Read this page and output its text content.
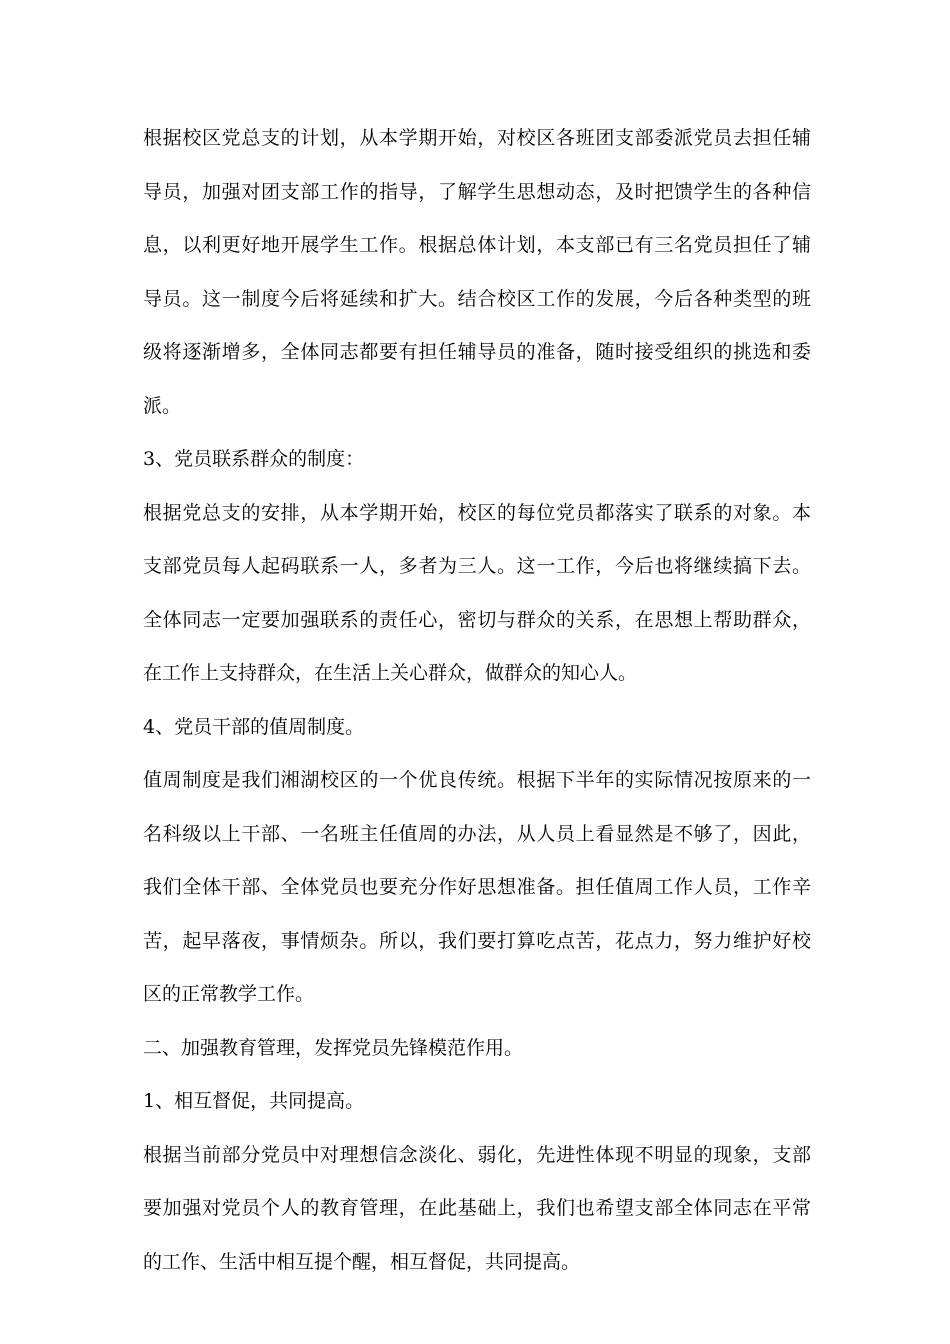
根据校区党总支的计划，从本学期开始，对校区各班团支部委派党员去担任辅
导员，加强对团支部工作的指导，了解学生思想动态，及时把馈学生的各种信
息，以利更好地开展学生工作。根据总体计划，本支部已有三名党员担任了辅
导员。这一制度今后将延续和扩大。结合校区工作的发展，今后各种类型的班
级将逐渐增多，全体同志都要有担任辅导员的准备，随时接受组织的挑选和委
派。
3、党员联系群众的制度：
根据党总支的安排，从本学期开始，校区的每位党员都落实了联系的对象。本
支部党员每人起码联系一人，多者为三人。这一工作，今后也将继续搞下去。
全体同志一定要加强联系的责任心，密切与群众的关系，在思想上帮助群众，
在工作上支持群众，在生活上关心群众，做群众的知心人。
4、党员干部的值周制度。
值周制度是我们湘湖校区的一个优良传统。根据下半年的实际情况按原来的一
名科级以上干部、一名班主任值周的办法，从人员上看显然是不够了，因此，
我们全体干部、全体党员也要充分作好思想准备。担任值周工作人员，工作辛
苦，起早落夜，事情烦杂。所以，我们要打算吃点苦，花点力，努力维护好校
区的正常教学工作。
二、加强教育管理，发挥党员先锋模范作用。
1、相互督促，共同提高。
根据当前部分党员中对理想信念淡化、弱化，先进性体现不明显的现象，支部
要加强对党员个人的教育管理，在此基础上，我们也希望支部全体同志在平常
的工作、生活中相互提个醒，相互督促，共同提高。
